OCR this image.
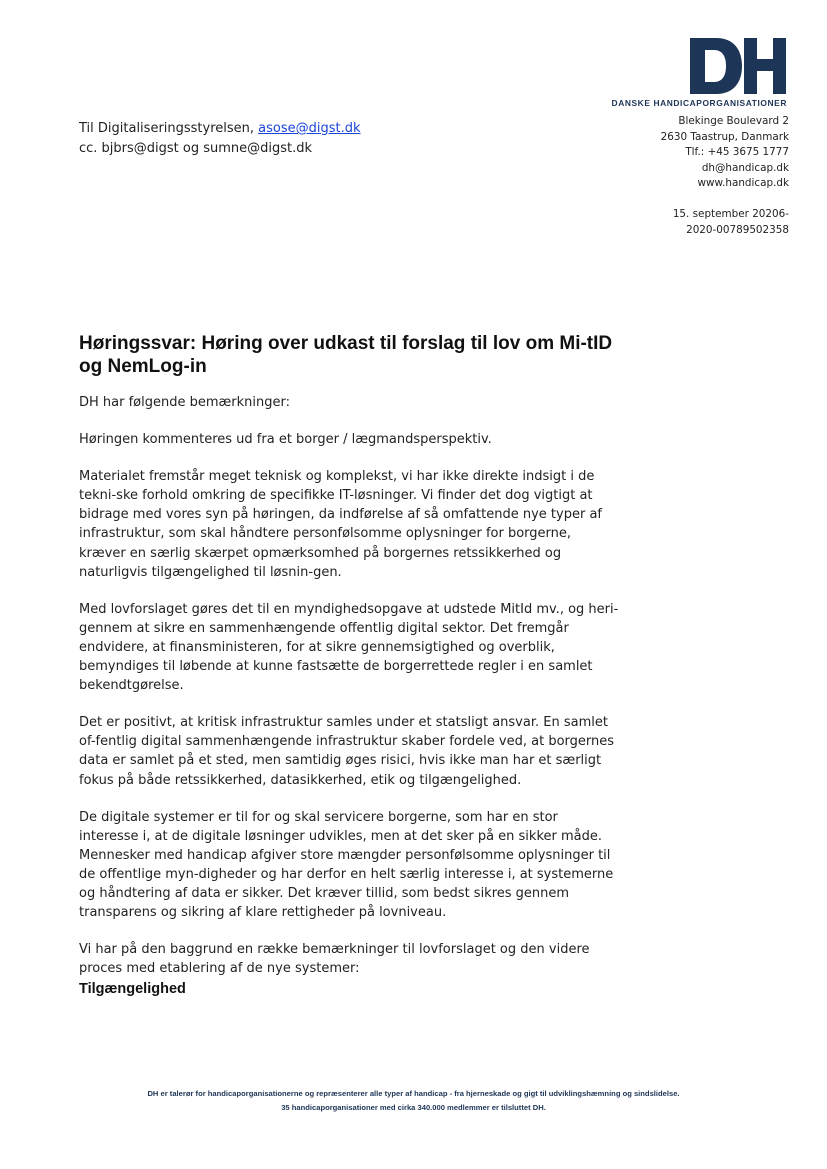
DANSKE HANDICAPORGANISATIONER
Til Digitaliseringsstyrelsen, asose@digst.dk
cc. bjbrs@digst og sumne@digst.dk
Blekinge Boulevard 2
2630 Taastrup, Danmark
Tlf.: +45 3675 1777
dh@handicap.dk
www.handicap.dk
15. september 20206-
2020-00789502358
Høringssvar: Høring over udkast til forslag til lov om Mi-tID og NemLog-in

DH har følgende bemærkninger:

Høringen kommenteres ud fra et borger / lægmandsperspektiv.

Materialet fremstår meget teknisk og komplekst, vi har ikke direkte indsigt i de tekni-ske forhold omkring de specifikke IT-løsninger. Vi finder det dog vigtigt at bidrage med vores syn på høringen, da indførelse af så omfattende nye typer af infrastruktur, som skal håndtere personfølsomme oplysninger for borgerne, kræver en særlig skærpet opmærksomhed på borgernes retssikkerhed og naturligvis tilgængelighed til løsnin-gen.

Med lovforslaget gøres det til en myndighedsopgave at udstede MitId mv., og heri-gennem at sikre en sammenhængende offentlig digital sektor. Det fremgår endvidere, at finansministeren, for at sikre gennemsigtighed og overblik, bemyndiges til løbende at kunne fastsætte de borgerrettede regler i en samlet bekendtgørelse.

Det er positivt, at kritisk infrastruktur samles under et statsligt ansvar. En samlet of-fentlig digital sammenhængende infrastruktur skaber fordele ved, at borgernes data er samlet på et sted, men samtidig øges risici, hvis ikke man har et særligt fokus på både retssikkerhed, datasikkerhed, etik og tilgængelighed.

De digitale systemer er til for og skal servicere borgerne, som har en stor interesse i, at de digitale løsninger udvikles, men at det sker på en sikker måde. Mennesker med handicap afgiver store mængder personfølsomme oplysninger til de offentlige myn-digheder og har derfor en helt særlig interesse i, at systemerne og håndtering af data er sikker. Det kræver tillid, som bedst sikres gennem transparens og sikring af klare rettigheder på lovniveau.

Vi har på den baggrund en række bemærkninger til lovforslaget og den videre proces med etablering af de nye systemer:

Tilgængelighed
DH er talerør for handicaporganisationerne og repræsenterer alle typer af handicap - fra hjerneskade og gigt til udviklingshæmning og sindslidelse.
35 handicaporganisationer med cirka 340.000 medlemmer er tilsluttet DH.
